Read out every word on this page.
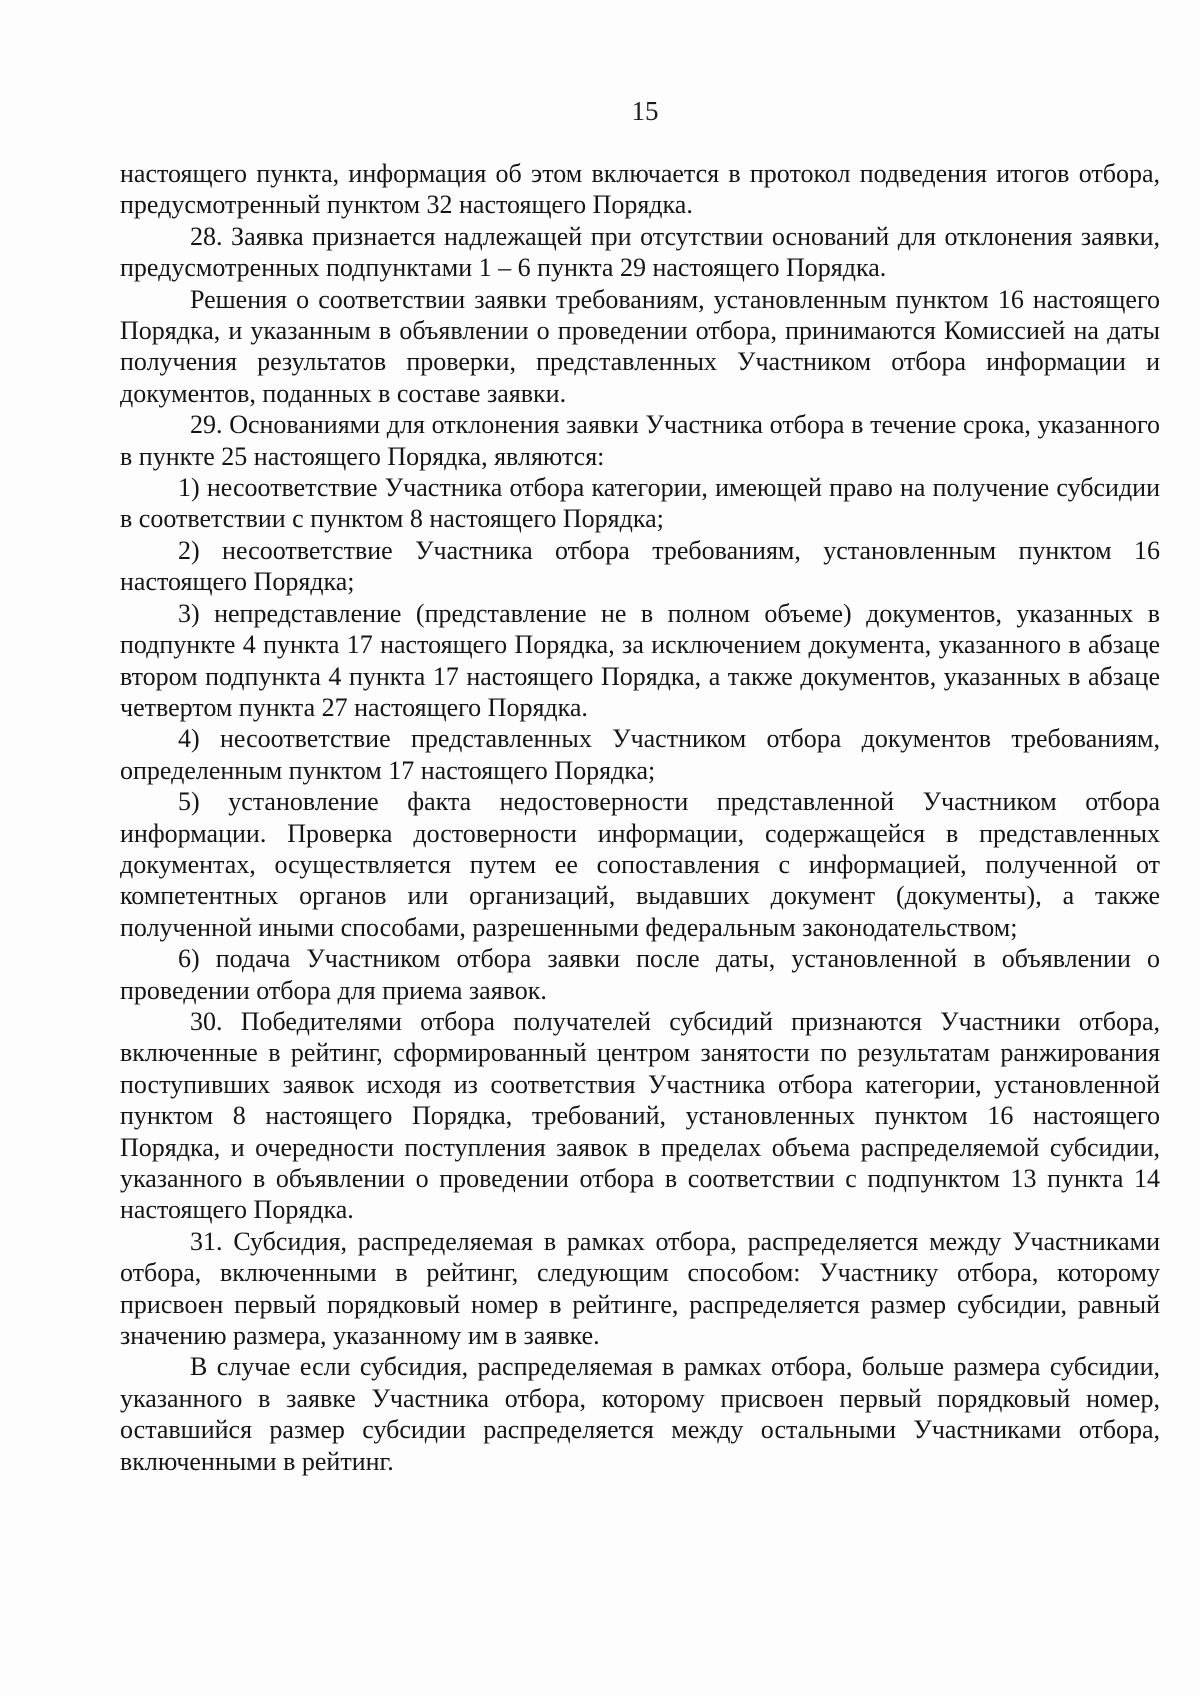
15

настоящего пункта, информация об этом включается в протокол подведения итогов отбора, предусмотренный пунктом 32 настоящего Порядка.

28. Заявка признается надлежащей при отсутствии оснований для отклонения заявки, предусмотренных подпунктами 1 – 6 пункта 29 настоящего Порядка.

Решения о соответствии заявки требованиям, установленным пунктом 16 настоящего Порядка, и указанным в объявлении о проведении отбора, принимаются Комиссией на даты получения результатов проверки, представленных Участником отбора информации и документов, поданных в составе заявки.

29. Основаниями для отклонения заявки Участника отбора в течение срока, указанного в пункте 25 настоящего Порядка, являются:

1) несоответствие Участника отбора категории, имеющей право на получение субсидии в соответствии с пунктом 8 настоящего Порядка;

2) несоответствие Участника отбора требованиям, установленным пунктом 16 настоящего Порядка;

3) непредставление (представление не в полном объеме) документов, указанных в подпункте 4 пункта 17 настоящего Порядка, за исключением документа, указанного в абзаце втором подпункта 4 пункта 17 настоящего Порядка, а также документов, указанных в абзаце четвертом пункта 27 настоящего Порядка.

4) несоответствие представленных Участником отбора документов требованиям, определенным пунктом 17 настоящего Порядка;

5) установление факта недостоверности представленной Участником отбора информации. Проверка достоверности информации, содержащейся в представленных документах, осуществляется путем ее сопоставления с информацией, полученной от компетентных органов или организаций, выдавших документ (документы), а также полученной иными способами, разрешенными федеральным законодательством;

6) подача Участником отбора заявки после даты, установленной в объявлении о проведении отбора для приема заявок.

30. Победителями отбора получателей субсидий признаются Участники отбора, включенные в рейтинг, сформированный центром занятости по результатам ранжирования поступивших заявок исходя из соответствия Участника отбора категории, установленной пунктом 8 настоящего Порядка, требований, установленных пунктом 16 настоящего Порядка, и очередности поступления заявок в пределах объема распределяемой субсидии, указанного в объявлении о проведении отбора в соответствии с подпунктом 13 пункта 14 настоящего Порядка.

31. Субсидия, распределяемая в рамках отбора, распределяется между Участниками отбора, включенными в рейтинг, следующим способом: Участнику отбора, которому присвоен первый порядковый номер в рейтинге, распределяется размер субсидии, равный значению размера, указанному им в заявке.

В случае если субсидия, распределяемая в рамках отбора, больше размера субсидии, указанного в заявке Участника отбора, которому присвоен первый порядковый номер, оставшийся размер субсидии распределяется между остальными Участниками отбора, включенными в рейтинг.
